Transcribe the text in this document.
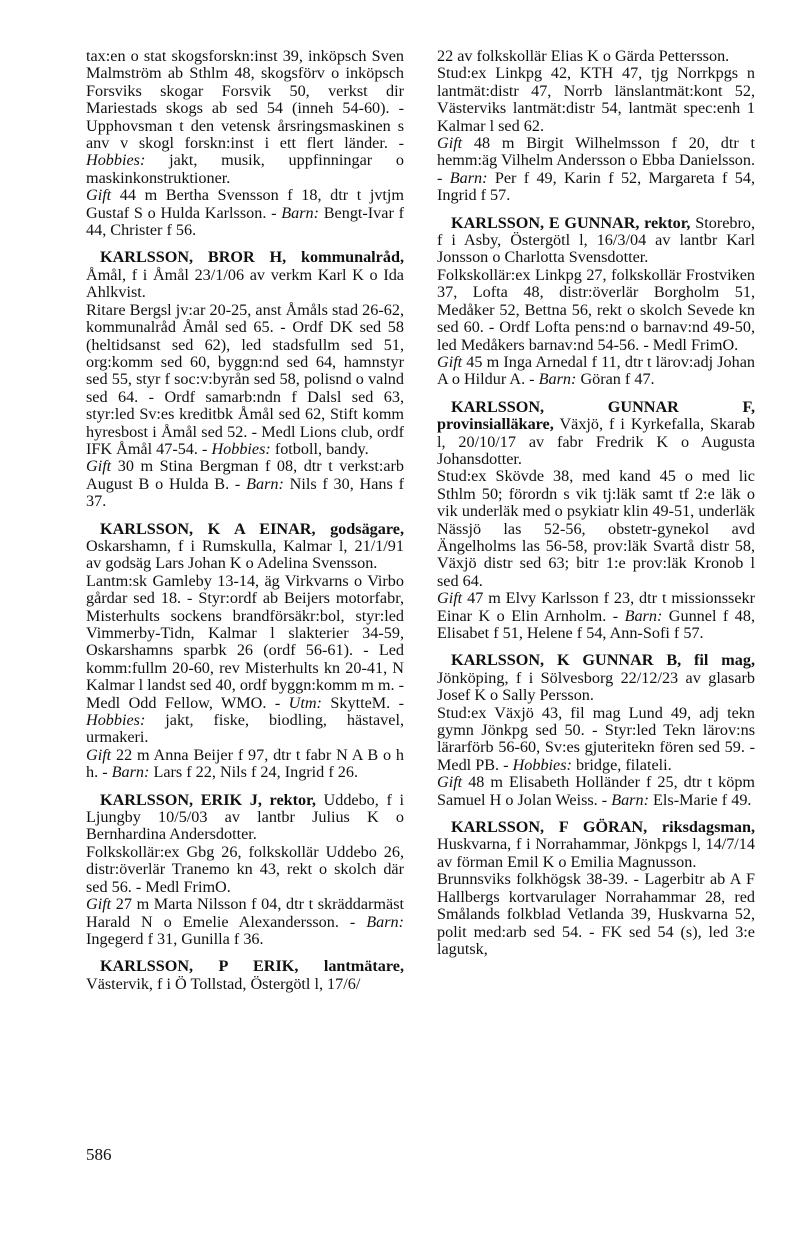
tax:en o stat skogsforskn:inst 39, inköpsch Sven Malmström ab Sthlm 48, skogsförv o inköpsch Forsviks skogar Forsvik 50, verkst dir Mariestads skogs ab sed 54 (inneh 54-60). - Upphovsman t den vetensk årsringsmaskinen s anv v skogl forskn:inst i ett flert länder. - Hobbies: jakt, musik, uppfinningar o maskinkonstruktioner.

Gift 44 m Bertha Svensson f 18, dtr t jvtjm Gustaf S o Hulda Karlsson. - Barn: Bengt-Ivar f 44, Christer f 56.

KARLSSON, BROR H, kommunalråd, Åmål, f i Åmål 23/1/06 av verkm Karl K o Ida Ahlkvist.

Ritare Bergsl jv:ar 20-25, anst Åmåls stad 26-62, kommunalråd Åmål sed 65. - Ordf DK sed 58 (heltidsanst sed 62), led stadsfullm sed 51, org:komm sed 60, byggn:nd sed 64, hamnstyr sed 55, styr f soc:v:byrån sed 58, polisnd o valnd sed 64. - Ordf samarb:ndn f Dalsl sed 63, styr:led Sv:es kreditbk Åmål sed 62, Stift komm hyresbost i Åmål sed 52. - Medl Lions club, ordf IFK Åmål 47-54. - Hobbies: fotboll, bandy.

Gift 30 m Stina Bergman f 08, dtr t verkst:arb August B o Hulda B. - Barn: Nils f 30, Hans f 37.

KARLSSON, K A EINAR, godsägare, Oskarshamn, f i Rumskulla, Kalmar l, 21/1/91 av godsäg Lars Johan K o Adelina Svensson.

Lantm:sk Gamleby 13-14, äg Virkvarns o Virbo gårdar sed 18. - Styr:ordf ab Beijers motorfabr, Misterhults sockens brandförsäkr:bol, styr:led Vimmerby-Tidn, Kalmar l slakterier 34-59, Oskarshamns sparbk 26 (ordf 56-61). - Led komm:fullm 20-60, rev Misterhults kn 20-41, N Kalmar l landst sed 40, ordf byggn:komm m m. - Medl Odd Fellow, WMO. - Utm: SkytteM. - Hobbies: jakt, fiske, biodling, hästavel, urmakeri.

Gift 22 m Anna Beijer f 97, dtr t fabr N A B o h h. - Barn: Lars f 22, Nils f 24, Ingrid f 26.

KARLSSON, ERIK J, rektor, Uddebo, f i Ljungby 10/5/03 av lantbr Julius K o Bernhardina Andersdotter.

Folkskollär:ex Gbg 26, folkskollär Uddebo 26, distr:överlär Tranemo kn 43, rekt o skolch där sed 56. - Medl FrimO.

Gift 27 m Marta Nilsson f 04, dtr t skräddarmäst Harald N o Emelie Alexandersson. - Barn: Ingegerd f 31, Gunilla f 36.

KARLSSON, P ERIK, lantmätare, Västervik, f i Ö Tollstad, Östergötl l, 17/6/

22 av folkskollär Elias K o Gärda Pettersson.

Stud:ex Linkpg 42, KTH 47, tjg Norrkpgs n lantmät:distr 47, Norrb länslantmät:kont 52, Västerviks lantmät:distr 54, lantmät spec:enh 1 Kalmar l sed 62.

Gift 48 m Birgit Wilhelmsson f 20, dtr t hemm:äg Vilhelm Andersson o Ebba Danielsson. - Barn: Per f 49, Karin f 52, Margareta f 54, Ingrid f 57.

KARLSSON, E GUNNAR, rektor, Storebro, f i Asby, Östergötl l, 16/3/04 av lantbr Karl Jonsson o Charlotta Svensdotter.

Folkskollär:ex Linkpg 27, folkskollär Frostviken 37, Lofta 48, distr:överlär Borgholm 51, Medåker 52, Bettna 56, rekt o skolch Sevede kn sed 60. - Ordf Lofta pens:nd o barnav:nd 49-50, led Medåkers barnav:nd 54-56. - Medl FrimO.

Gift 45 m Inga Arnedal f 11, dtr t lärov:adj Johan A o Hildur A. - Barn: Göran f 47.

KARLSSON, GUNNAR F, provinsialläkare, Växjö, f i Kyrkefalla, Skarab l, 20/10/17 av fabr Fredrik K o Augusta Johansdotter.

Stud:ex Skövde 38, med kand 45 o med lic Sthlm 50; förordn s vik tj:läk samt tf 2:e läk o vik underläk med o psykiatr klin 49-51, underläk Nässjö las 52-56, obstetr-gynekol avd Ängelholms las 56-58, prov:läk Svartå distr 58, Växjö distr sed 63; bitr 1:e prov:läk Kronob l sed 64.

Gift 47 m Elvy Karlsson f 23, dtr t missionssekr Einar K o Elin Arnholm. - Barn: Gunnel f 48, Elisabet f 51, Helene f 54, Ann-Sofi f 57.

KARLSSON, K GUNNAR B, fil mag, Jönköping, f i Sölvesborg 22/12/23 av glasarb Josef K o Sally Persson.

Stud:ex Växjö 43, fil mag Lund 49, adj tekn gymn Jönkpg sed 50. - Styr:led Tekn lärov:ns lärarförb 56-60, Sv:es gjuteritekn fören sed 59. - Medl PB. - Hobbies: bridge, filateli.

Gift 48 m Elisabeth Holländer f 25, dtr t köpm Samuel H o Jolan Weiss. - Barn: Els-Marie f 49.

KARLSSON, F GÖRAN, riksdagsman, Huskvarna, f i Norrahammar, Jönkpgs l, 14/7/14 av förman Emil K o Emilia Magnusson.

Brunnsviks folkhögsk 38-39. - Lagerbitr ab A F Hallbergs kortvarulager Norrahammar 28, red Smålands folkblad Vetlanda 39, Huskvarna 52, polit med:arb sed 54. - FK sed 54 (s), led 3:e lagutsk,

586
